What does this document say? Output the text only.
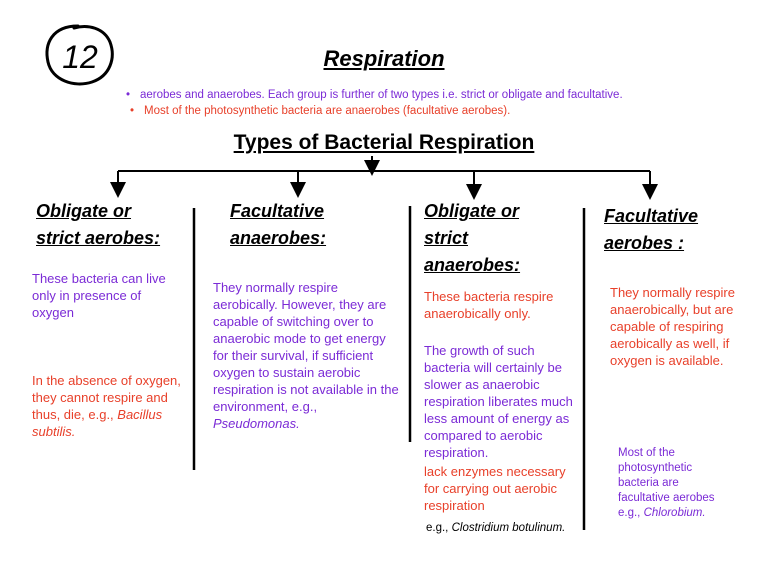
12	Respiration
• aerobes and anaerobes. Each group is further of two types i.e. strict or obligate and facultative.
• Most of the photosynthetic bacteria are anaerobes (facultative aerobes).
Types of Bacterial Respiration
Obligate or
strict aerobes:
These bacteria can live only in presence of oxygen
In the absence of oxygen, they cannot respire and thus, die, e.g., Bacillus subtilis.
Facultative
anaerobes:
They normally respire aerobically. However, they are capable of switching over to anaerobic mode to get energy for their survival, if sufficient oxygen to sustain aerobic respiration is not available in the environment, e.g., Pseudomonas.
Obligate or
strict
anaerobes:
These bacteria respire anaerobically only.
The growth of such bacteria will certainly be slower as anaerobic respiration liberates much less amount of energy as compared to aerobic respiration.
lack enzymes necessary for carrying out aerobic respiration
e.g., Clostridium botulinum.
Facultative
aerobes :
They normally respire anaerobically, but are capable of respiring aerobically as well, if oxygen is available.
Most of the photosynthetic bacteria are facultative aerobes e.g., Chlorobium.
